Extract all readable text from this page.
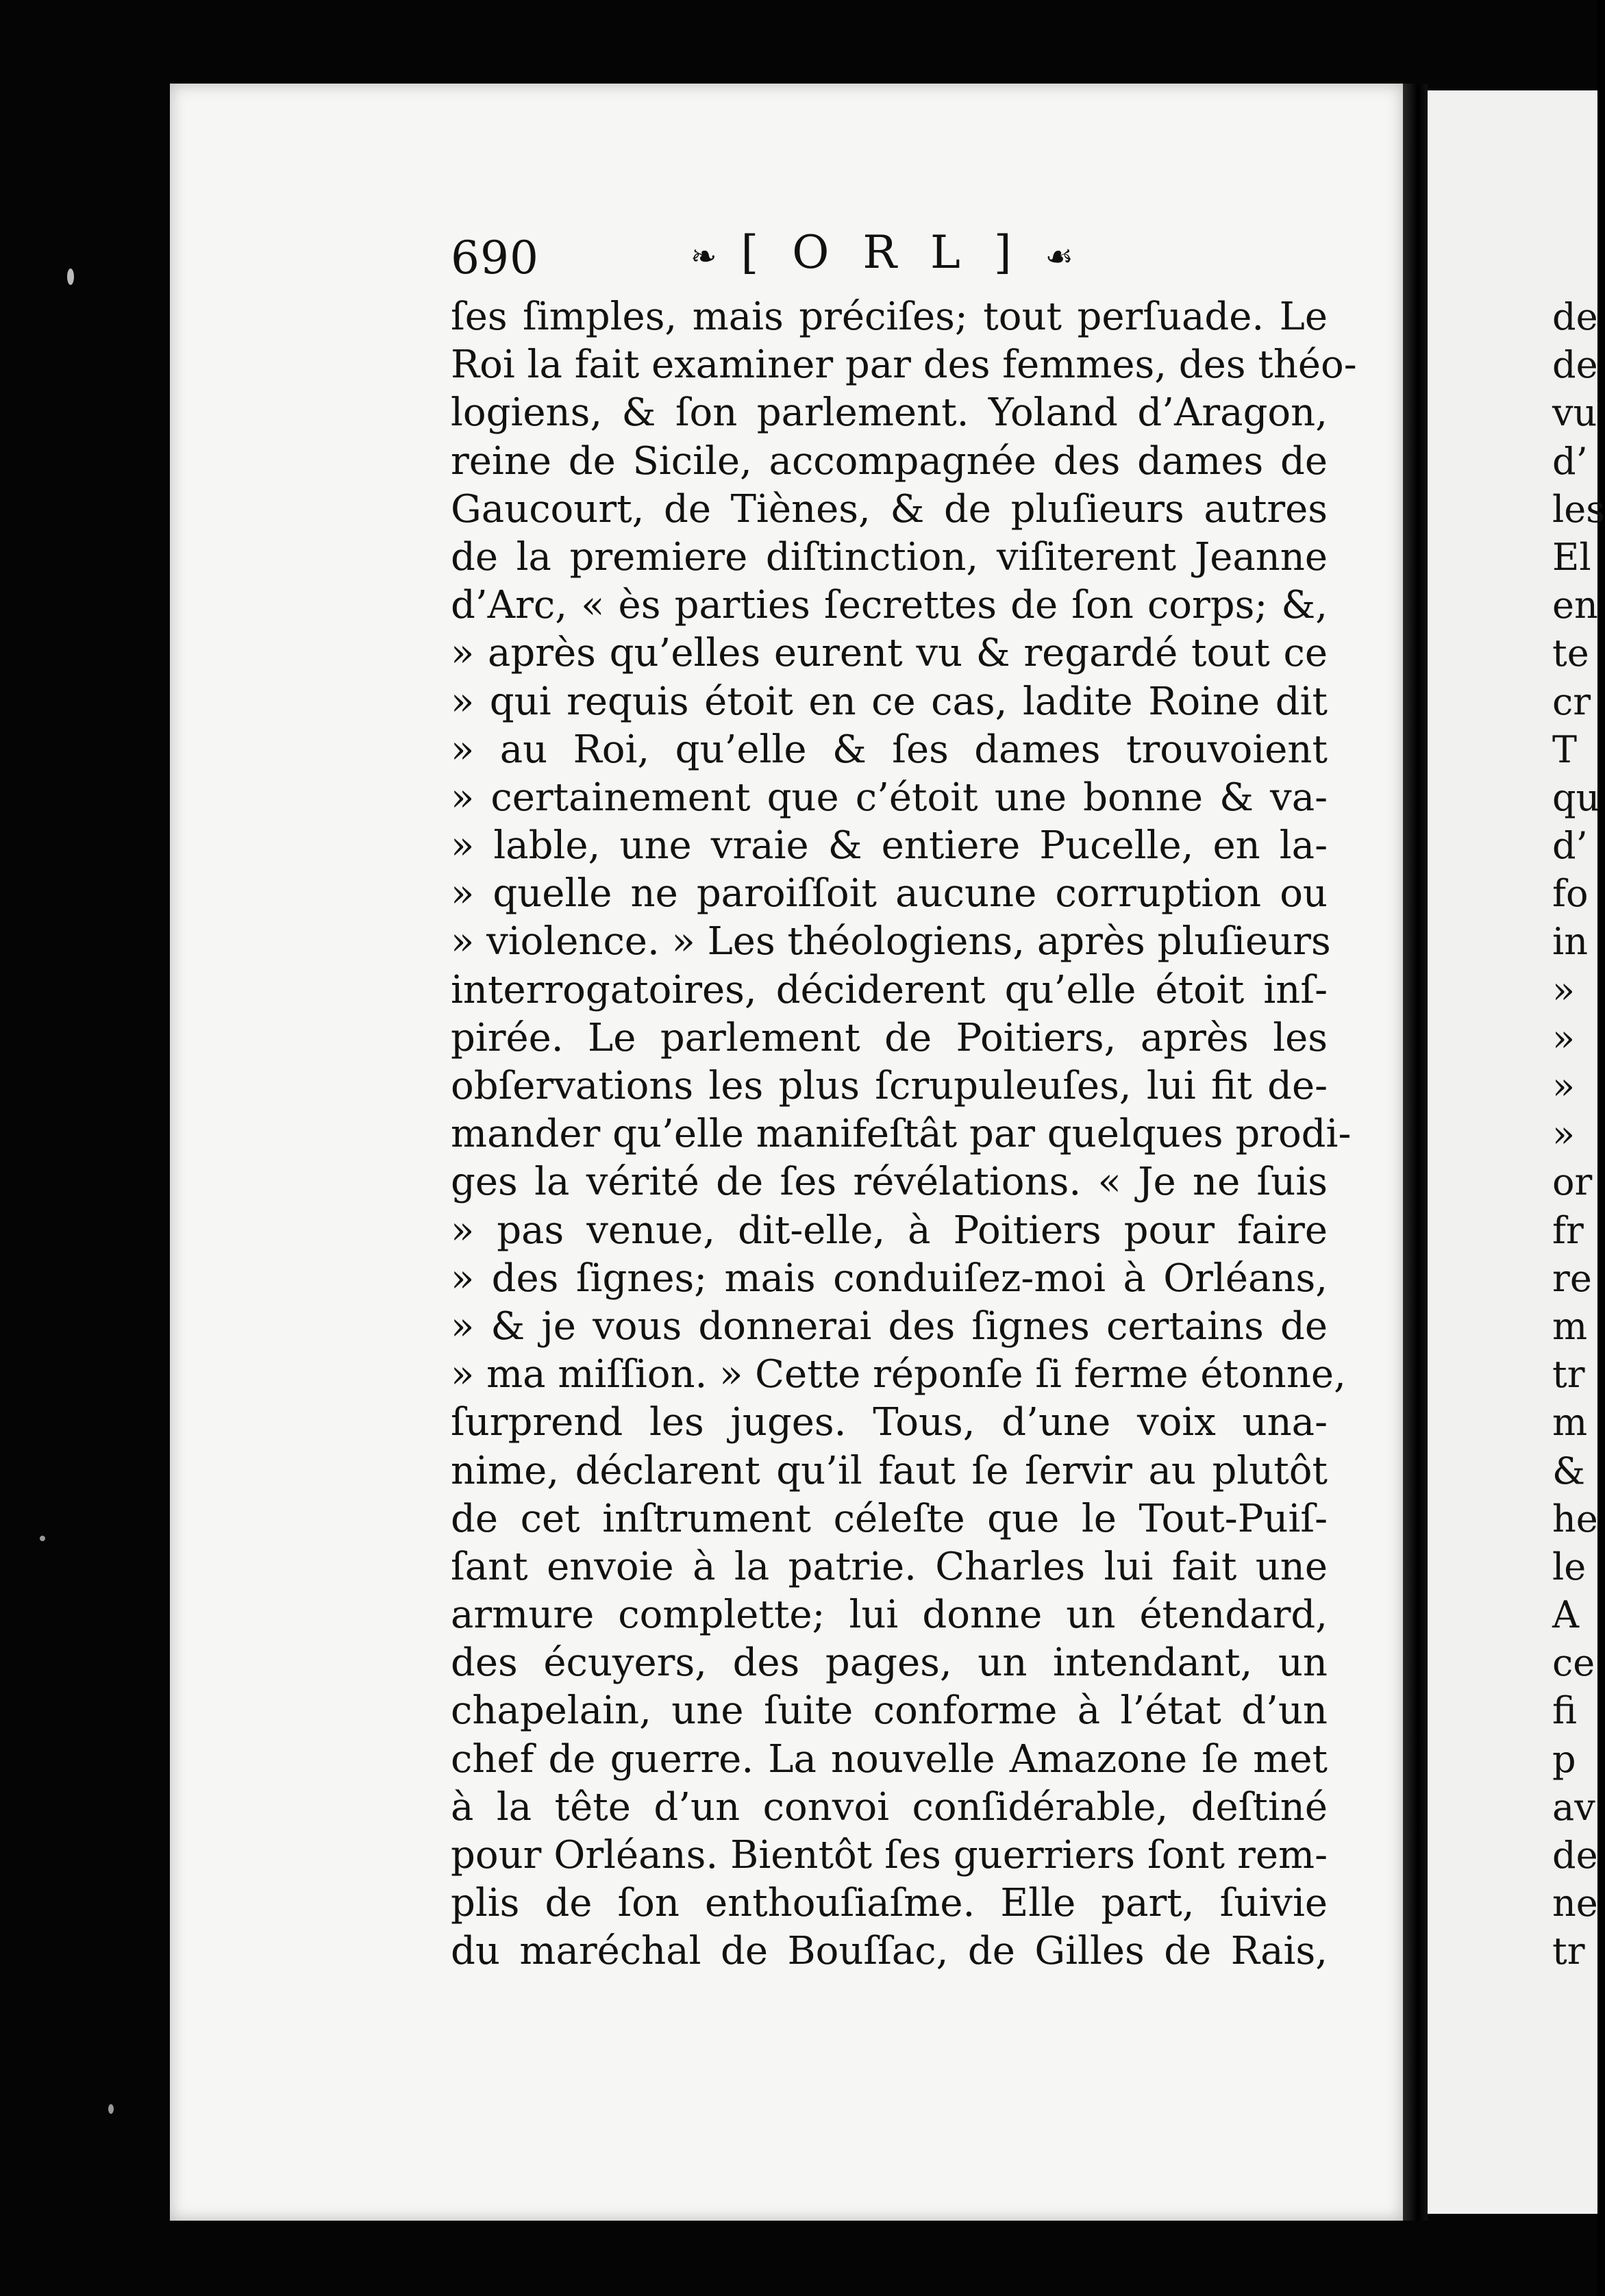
690	❧ [ O R L ] ☙
ſes ſimples, mais préciſes; tout perſuade. Le
Roi la fait examiner par des femmes, des théo-
logiens, & ſon parlement. Yoland d’Aragon,
reine de Sicile, accompagnée des dames de
Gaucourt, de Tiènes, & de pluſieurs autres
de la premiere diſtinction, viſiterent Jeanne
d’Arc, « ès parties ſecrettes de ſon corps; &,
» après qu’elles eurent vu & regardé tout ce
» qui requis étoit en ce cas, ladite Roine dit
» au Roi, qu’elle & ſes dames trouvoient
» certainement que c’étoit une bonne & va-
» lable, une vraie & entiere Pucelle, en la-
» quelle ne paroiſſoit aucune corruption ou
» violence. » Les théologiens, après pluſieurs
interrogatoires, déciderent qu’elle étoit inſ-
pirée. Le parlement de Poitiers, après les
obſervations les plus ſcrupuleuſes, lui fit de-
mander qu’elle manifeſtât par quelques prodi-
ges la vérité de ſes révélations. « Je ne ſuis
» pas venue, dit-elle, à Poitiers pour faire
» des ſignes; mais conduiſez-moi à Orléans,
» & je vous donnerai des ſignes certains de
» ma miſſion. » Cette réponſe ſi ferme étonne,
ſurprend les juges. Tous, d’une voix una-
nime, déclarent qu’il faut ſe ſervir au plutôt
de cet inſtrument céleſte que le Tout-Puiſ-
ſant envoie à la patrie. Charles lui fait une
armure complette; lui donne un étendard,
des écuyers, des pages, un intendant, un
chapelain, une ſuite conforme à l’état d’un
chef de guerre. La nouvelle Amazone ſe met
à la tête d’un convoi conſidérable, deſtiné
pour Orléans. Bientôt ſes guerriers ſont rem-
plis de ſon enthouſiaſme. Elle part, ſuivie
du maréchal de Bouſſac, de Gilles de Rais,
de
de
vu
d’
les
El
en
te
cr
T
qu
d’
fo
in
»
»
»
»
or
fr
re
m
tr
m
&
he
le
A
ce
fi
p
av
de
ne
tr
